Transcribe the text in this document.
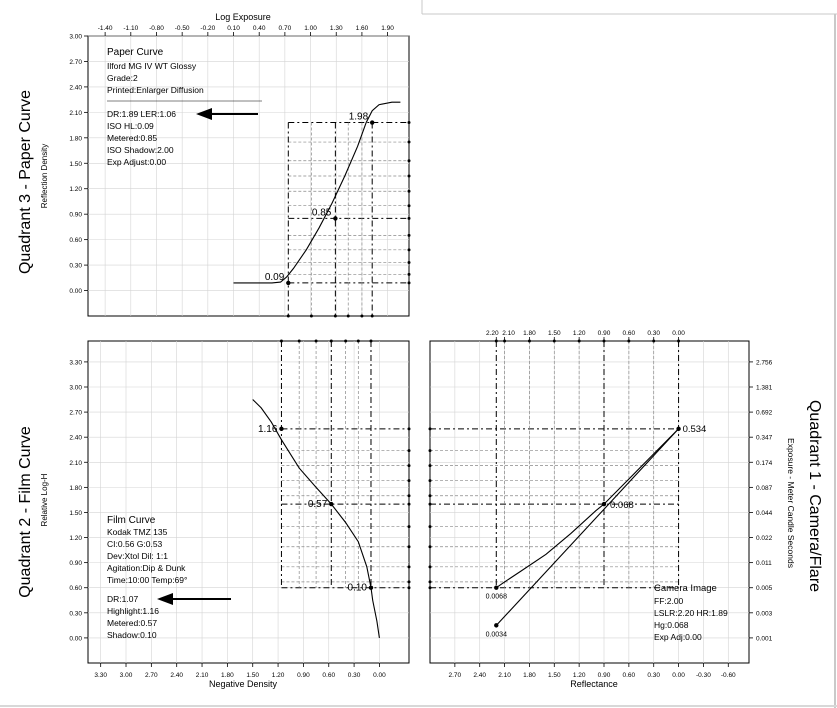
0.09
0.85
1.98
-1.40 -1.10 -0.80 -0.50 -0.20 0.10 0.40 0.70 1.00 1.30 1.60 1.90
0.00
0.30
0.60
0.90
1.20
1.50
1.80
2.10
2.40
2.70
3.00
Log Exposure
Reflection Density
Quadrant 3 - Paper Curve
Paper Curve
Ilford MG IV WT Glossy
Grade:2
Printed:Enlarger Diffusion
DR:1.89 LER:1.06
ISO HL:0.09
Metered:0.85
ISO Shadow:2.00
Exp Adjust:0.00
1.16
0.57
0.10
3.30 3.00 2.70 2.40 2.10 1.80 1.50 1.20 0.90 0.60 0.30 0.00
0.00
0.30
0.60
0.90
1.20
1.50
1.80
2.10
2.40
2.70
3.00
3.30
Negative Density
Relative Log-H
Quadrant 2 - Film Curve	Film Curve
Kodak TMZ 135
CI:0.56 G:0.53
Dev:Xtol Dil: 1:1
Agitation:Dip & Dunk
Time:10:00 Temp:69°
DR:1.07
Highlight:1.16
Metered:0.57
Shadow:0.10
0.534
0.068
0.0068
0.0034
2.70 2.40 2.10 1.80 1.50 1.20 0.90 0.60 0.30 0.00 -0.30 -0.60
0.001
0.003
0.005
0.011
0.022
0.044
0.087
0.174
0.347
0.692
1.381
2.756
2.20 2.10 1.80 1.50 1.20 0.90 0.60 0.30 0.00
Reflectance
Exposure - Meter Candle Seconds Quadrant 1 - Camera/Flare
Camera Image
FF:2.00
LSLR:2.20 HR:1.89
Hg:0.068
Exp Adj:0.00
